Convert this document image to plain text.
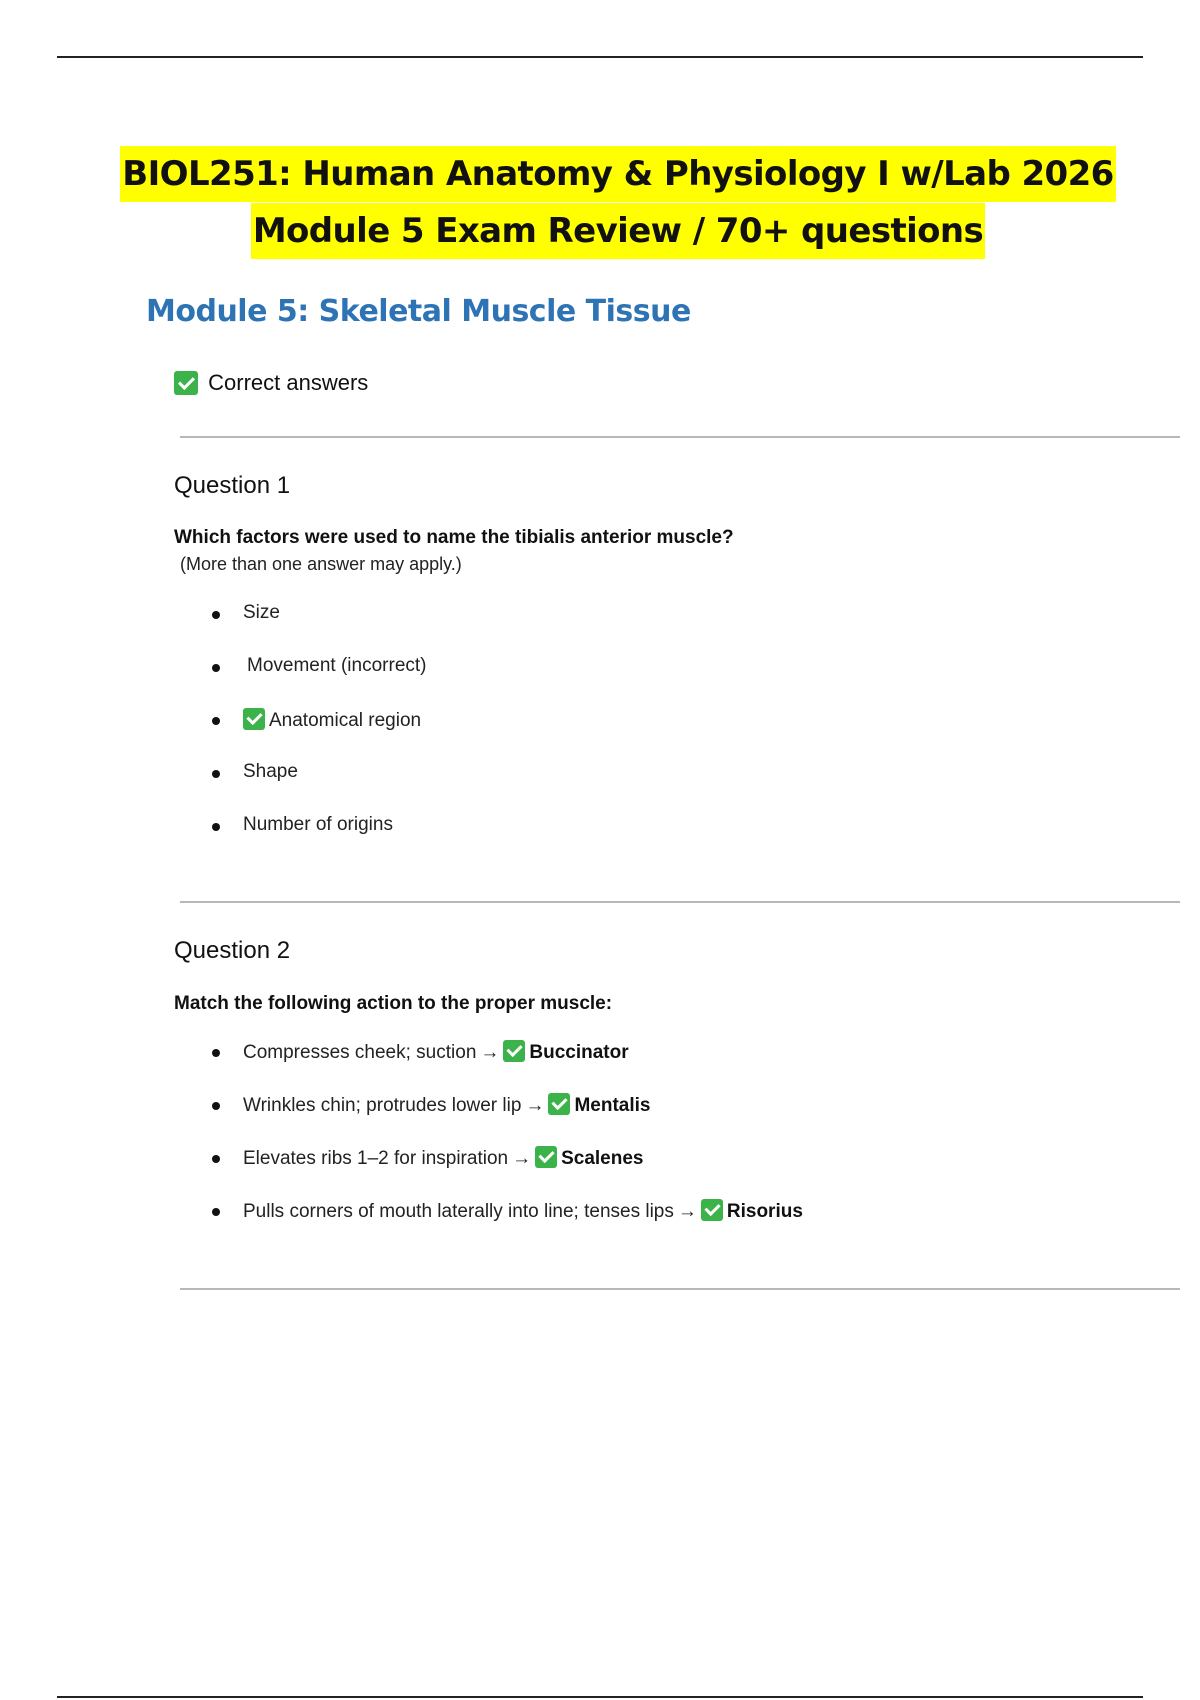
BIOL251: Human Anatomy & Physiology I w/Lab 2026
Module 5 Exam Review / 70+ questions
Module 5: Skeletal Muscle Tissue
Correct answers
Question 1
Which factors were used to name the tibialis anterior muscle?
(More than one answer may apply.)
Size
Movement (incorrect)
Anatomical region
Shape
Number of origins
Question 2
Match the following action to the proper muscle:
Compresses cheek; suction → Buccinator
Wrinkles chin; protrudes lower lip → Mentalis
Elevates ribs 1–2 for inspiration → Scalenes
Pulls corners of mouth laterally into line; tenses lips → Risorius
